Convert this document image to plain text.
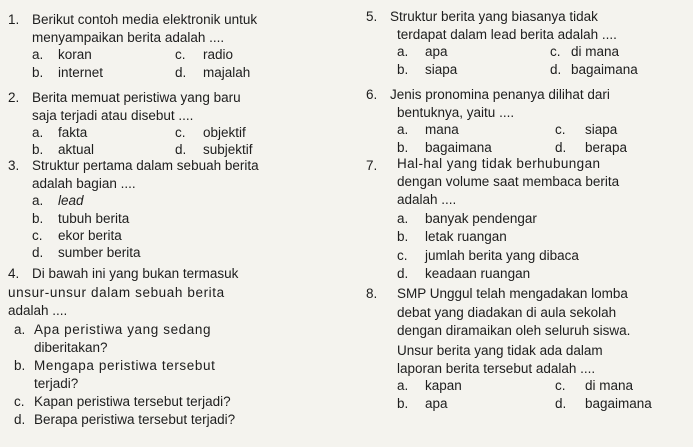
1. Berikut contoh media elektronik untuk
menyampaikan berita adalah ....
a. koran
b. internet
c. radio
d. majalah
2. Berita memuat peristiwa yang baru
saja terjadi atau disebut ....
a. fakta
b. aktual
c. objektif
d. subjektif
3. Struktur pertama dalam sebuah berita
adalah bagian ....
a. lead
b. tubuh berita
c. ekor berita
d. sumber berita
4. Di bawah ini yang bukan termasuk
unsur-unsur dalam sebuah berita
adalah ....
a. Apa peristiwa yang sedang
diberitakan?
b. Mengapa peristiwa tersebut
terjadi?
c. Kapan peristiwa tersebut terjadi?
d. Berapa peristiwa tersebut terjadi?
5. Struktur berita yang biasanya tidak
terdapat dalam lead berita adalah ....
a. apa
b. siapa
c. di mana
d. bagaimana
6. Jenis pronomina penanya dilihat dari
bentuknya, yaitu ....
a. mana
b. bagaimana
c. siapa
d. berapa
7. Hal-hal yang tidak berhubungan
dengan volume saat membaca berita
adalah ....
a. banyak pendengar
b. letak ruangan
c. jumlah berita yang dibaca
d. keadaan ruangan
8. SMP Unggul telah mengadakan lomba
debat yang diadakan di aula sekolah
dengan diramaikan oleh seluruh siswa.
Unsur berita yang tidak ada dalam
laporan berita tersebut adalah ....
a. kapan
b. apa
c. di mana
d. bagaimana
